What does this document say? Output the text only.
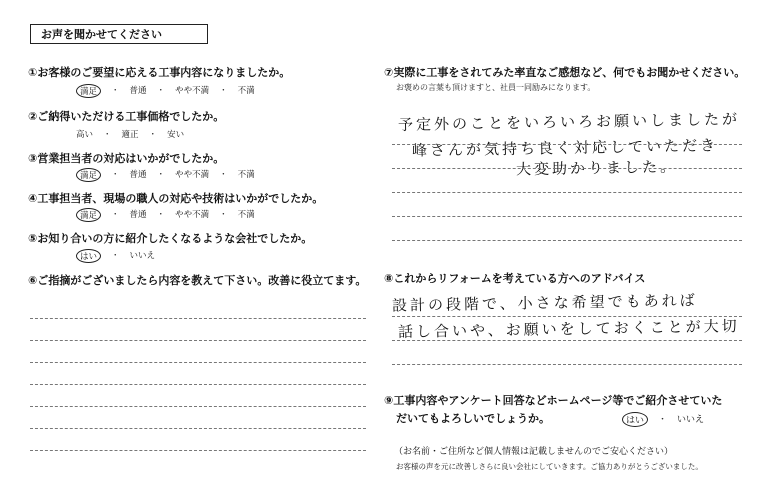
お声を聞かせてください
①お客様のご要望に応える工事内容になりましたか。
満足	・ 普通 ・ やや不満 ・ 不満
②ご納得いただける工事価格でしたか。
高い ・ 適正 ・ 安い
③営業担当者の対応はいかがでしたか。
満足	・ 普通 ・ やや不満 ・ 不満
④工事担当者、現場の職人の対応や技術はいかがでしたか。
満足	・ 普通 ・ やや不満 ・ 不満
⑤お知り合いの方に紹介したくなるような会社でしたか。
はい	・ いいえ
⑥ご指摘がございましたら内容を教えて下さい。改善に役立てます。
⑦実際に工事をされてみた率直なご感想など、何でもお聞かせください。
お褒めの言葉も頂けますと、社員一同励みになります。
予定外のことをいろいろお願いしましたが
峰さんが気持ち良く対応していただき
大変助かりました。
⑧これからリフォームを考えている方へのアドバイス
設計の段階で、小さな希望でもあれば
話し合いや、お願いをしておくことが大切
⑨工事内容やアンケート回答などホームページ等でご紹介させていた
だいてもよろしいでしょうか。	はい	・ いいえ
（お名前・ご住所など個人情報は記載しませんのでご安心ください）
お客様の声を元に改善しさらに良い会社にしていきます。ご協力ありがとうございました。
